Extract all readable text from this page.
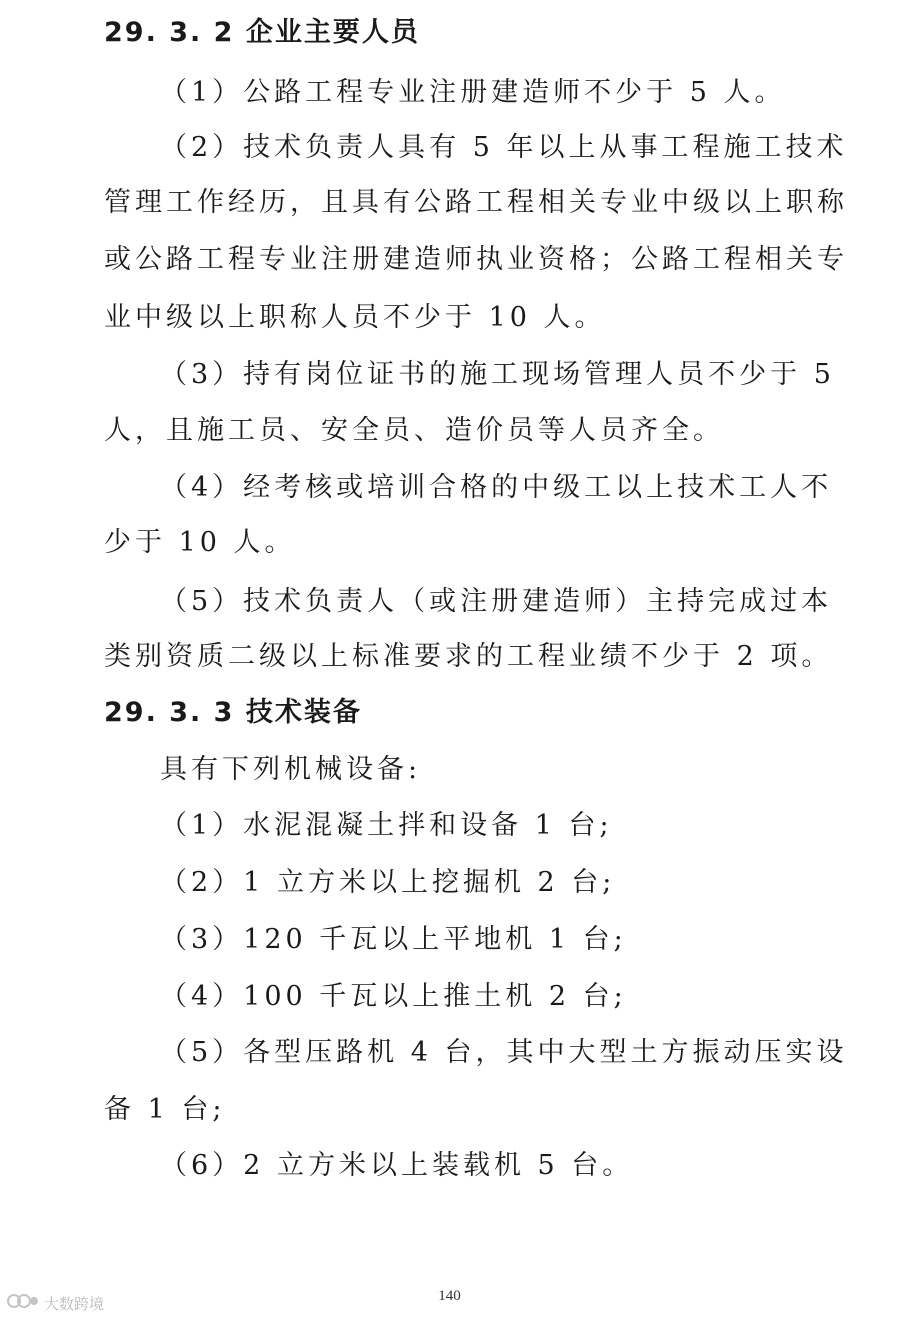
29. 3. 2 企业主要人员
（1）公路工程专业注册建造师不少于 5 人。
（2）技术负责人具有 5 年以上从事工程施工技术
管理工作经历，且具有公路工程相关专业中级以上职称
或公路工程专业注册建造师执业资格；公路工程相关专
业中级以上职称人员不少于 10 人。
（3）持有岗位证书的施工现场管理人员不少于 5
人，且施工员、安全员、造价员等人员齐全。
（4）经考核或培训合格的中级工以上技术工人不
少于 10 人。
（5）技术负责人（或注册建造师）主持完成过本
类别资质二级以上标准要求的工程业绩不少于 2 项。
29. 3. 3 技术装备
具有下列机械设备:
（1）水泥混凝土拌和设备 1 台;
（2）1 立方米以上挖掘机 2 台;
（3）120 千瓦以上平地机 1 台;
（4）100 千瓦以上推土机 2 台;
（5）各型压路机 4 台，其中大型土方振动压实设
备 1 台;
（6）2 立方米以上装载机 5 台。
140
大数跨境
